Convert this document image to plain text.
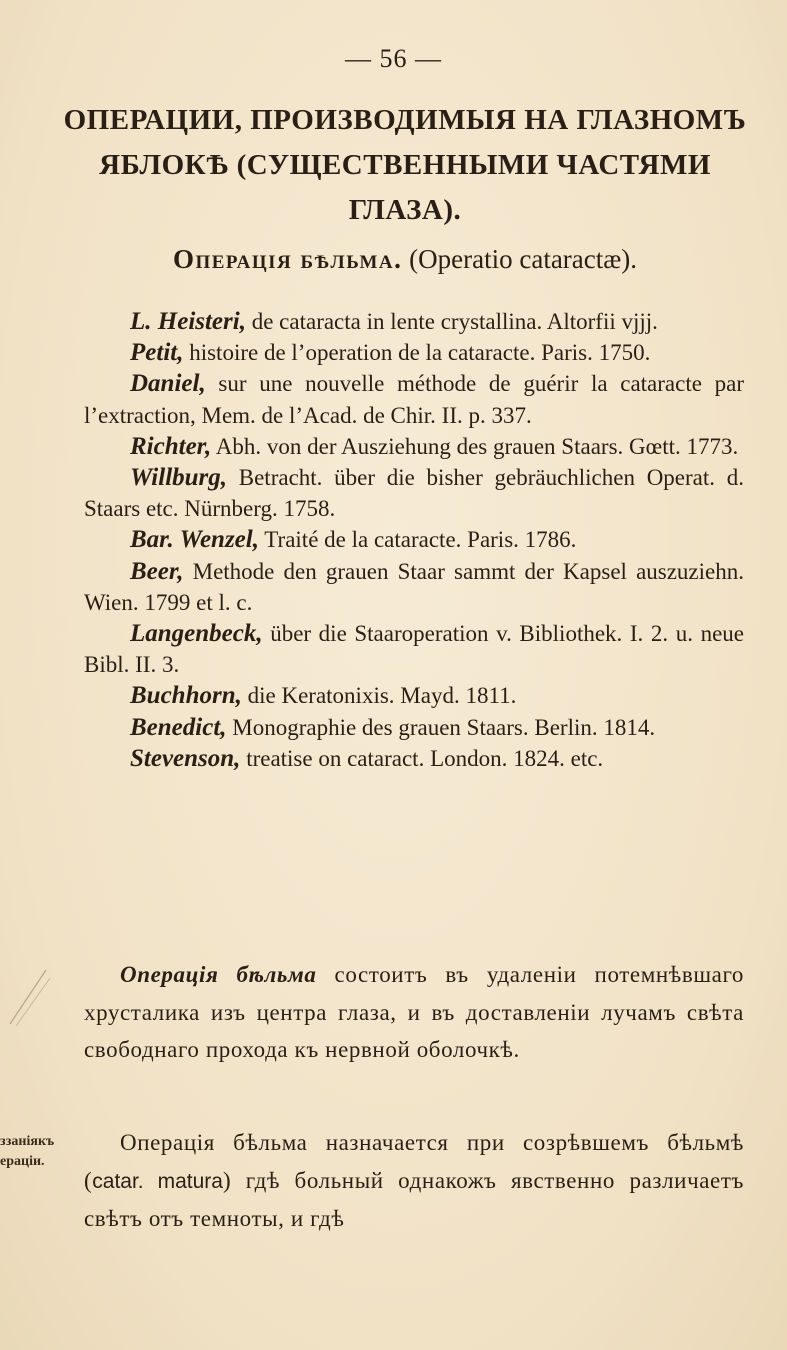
— 56 —
ОПЕРАЦИИ, ПРОИЗВОДИМЫЯ НА ГЛАЗНОМЪ
ЯБЛОКѢ (СУЩЕСТВЕННЫМИ ЧАСТЯМИ
ГЛАЗА).
Операція бѣльма. (Operatio cataractæ).
L. Heisteri, de cataracta in lente crystallina. Altorfii vjjj.
Petit, histoire de l’operation de la cataracte. Paris. 1750.
Daniel, sur une nouvelle méthode de guérir la cataracte par l’extraction, Mem. de l’Acad. de Chir. II. p. 337.
Richter, Abh. von der Ausziehung des grauen Staars. Gœtt. 1773.
Willburg, Betracht. über die bisher gebräuchlichen Operat. d. Staars etc. Nürnberg. 1758.
Bar. Wenzel, Traité de la cataracte. Paris. 1786.
Beer, Methode den grauen Staar sammt der Kapsel auszuziehn. Wien. 1799 et l. c.
Langenbeck, über die Staaroperation v. Bibliothek. I. 2. u. neue Bibl. II. 3.
Buchhorn, die Keratonixis. Mayd. 1811.
Benedict, Monographie des grauen Staars. Berlin. 1814.
Stevenson, treatise on cataract. London. 1824. etc.
Операція бѣльма состоитъ въ удаленіи потемнѣвшаго хрусталика изъ центра глаза, и въ доставленіи лучамъ свѣта свободнаго прохода къ нервной оболочкѣ.
ззаніякъ
ераціи.
Операція бѣльма назначается при созрѣвшемъ бѣльмѣ (catar. matura) гдѣ больный однакожъ явственно различаетъ свѣтъ отъ темноты, и гдѣ
